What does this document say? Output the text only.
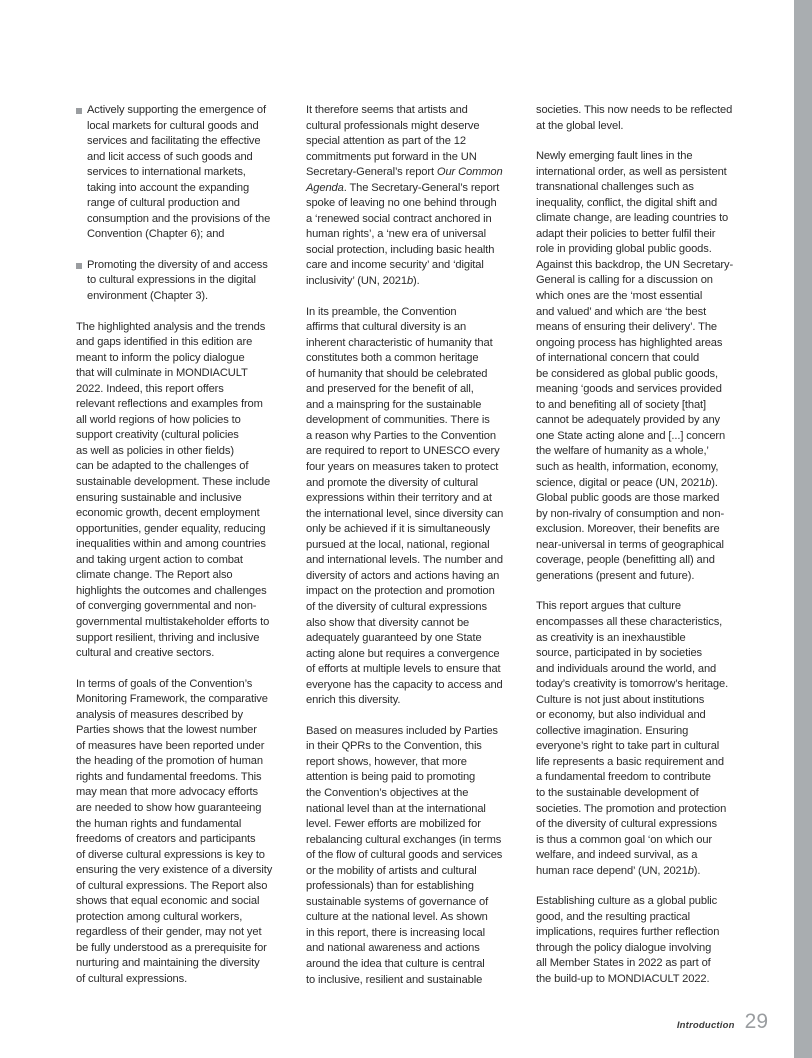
Actively supporting the emergence of
local markets for cultural goods and
services and facilitating the effective
and licit access of such goods and
services to international markets,
taking into account the expanding
range of cultural production and
consumption and the provisions of the
Convention (Chapter 6); and
Promoting the diversity of and access
to cultural expressions in the digital
environment (Chapter 3).

The highlighted analysis and the trends
and gaps identified in this edition are
meant to inform the policy dialogue
that will culminate in MONDIACULT
2022. Indeed, this report offers
relevant reflections and examples from
all world regions of how policies to
support creativity (cultural policies
as well as policies in other fields)
can be adapted to the challenges of
sustainable development. These include
ensuring sustainable and inclusive
economic growth, decent employment
opportunities, gender equality, reducing
inequalities within and among countries
and taking urgent action to combat
climate change. The Report also
highlights the outcomes and challenges
of converging governmental and non-
governmental multistakeholder efforts to
support resilient, thriving and inclusive
cultural and creative sectors.

In terms of goals of the Convention’s
Monitoring Framework, the comparative
analysis of measures described by
Parties shows that the lowest number
of measures have been reported under
the heading of the promotion of human
rights and fundamental freedoms. This
may mean that more advocacy efforts
are needed to show how guaranteeing
the human rights and fundamental
freedoms of creators and participants
of diverse cultural expressions is key to
ensuring the very existence of a diversity
of cultural expressions. The Report also
shows that equal economic and social
protection among cultural workers,
regardless of their gender, may not yet
be fully understood as a prerequisite for
nurturing and maintaining the diversity
of cultural expressions.

It therefore seems that artists and
cultural professionals might deserve
special attention as part of the 12
commitments put forward in the UN
Secretary-General’s report Our Common
Agenda. The Secretary-General’s report
spoke of leaving no one behind through
a ‘renewed social contract anchored in
human rights’, a ‘new era of universal
social protection, including basic health
care and income security’ and ‘digital
inclusivity’ (UN, 2021b).

In its preamble, the Convention
affirms that cultural diversity is an
inherent characteristic of humanity that
constitutes both a common heritage
of humanity that should be celebrated
and preserved for the benefit of all,
and a mainspring for the sustainable
development of communities. There is
a reason why Parties to the Convention
are required to report to UNESCO every
four years on measures taken to protect
and promote the diversity of cultural
expressions within their territory and at
the international level, since diversity can
only be achieved if it is simultaneously
pursued at the local, national, regional
and international levels. The number and
diversity of actors and actions having an
impact on the protection and promotion
of the diversity of cultural expressions
also show that diversity cannot be
adequately guaranteed by one State
acting alone but requires a convergence
of efforts at multiple levels to ensure that
everyone has the capacity to access and
enrich this diversity.

Based on measures included by Parties
in their QPRs to the Convention, this
report shows, however, that more
attention is being paid to promoting
the Convention’s objectives at the
national level than at the international
level. Fewer efforts are mobilized for
rebalancing cultural exchanges (in terms
of the flow of cultural goods and services
or the mobility of artists and cultural
professionals) than for establishing
sustainable systems of governance of
culture at the national level. As shown
in this report, there is increasing local
and national awareness and actions
around the idea that culture is central
to inclusive, resilient and sustainable

societies. This now needs to be reflected
at the global level.

Newly emerging fault lines in the
international order, as well as persistent
transnational challenges such as
inequality, conflict, the digital shift and
climate change, are leading countries to
adapt their policies to better fulfil their
role in providing global public goods.
Against this backdrop, the UN Secretary-
General is calling for a discussion on
which ones are the ‘most essential
and valued’ and which are ‘the best
means of ensuring their delivery’. The
ongoing process has highlighted areas
of international concern that could
be considered as global public goods,
meaning ‘goods and services provided
to and benefiting all of society [that]
cannot be adequately provided by any
one State acting alone and [...] concern
the welfare of humanity as a whole,’
such as health, information, economy,
science, digital or peace (UN, 2021b).
Global public goods are those marked
by non-rivalry of consumption and non-
exclusion. Moreover, their benefits are
near-universal in terms of geographical
coverage, people (benefitting all) and
generations (present and future).

This report argues that culture
encompasses all these characteristics,
as creativity is an inexhaustible
source, participated in by societies
and individuals around the world, and
today’s creativity is tomorrow’s heritage.
Culture is not just about institutions
or economy, but also individual and
collective imagination. Ensuring
everyone’s right to take part in cultural
life represents a basic requirement and
a fundamental freedom to contribute
to the sustainable development of
societies. The promotion and protection
of the diversity of cultural expressions
is thus a common goal ‘on which our
welfare, and indeed survival, as a
human race depend’ (UN, 2021b).

Establishing culture as a global public
good, and the resulting practical
implications, requires further reflection
through the policy dialogue involving
all Member States in 2022 as part of
the build-up to MONDIACULT 2022.

Introduction 29
